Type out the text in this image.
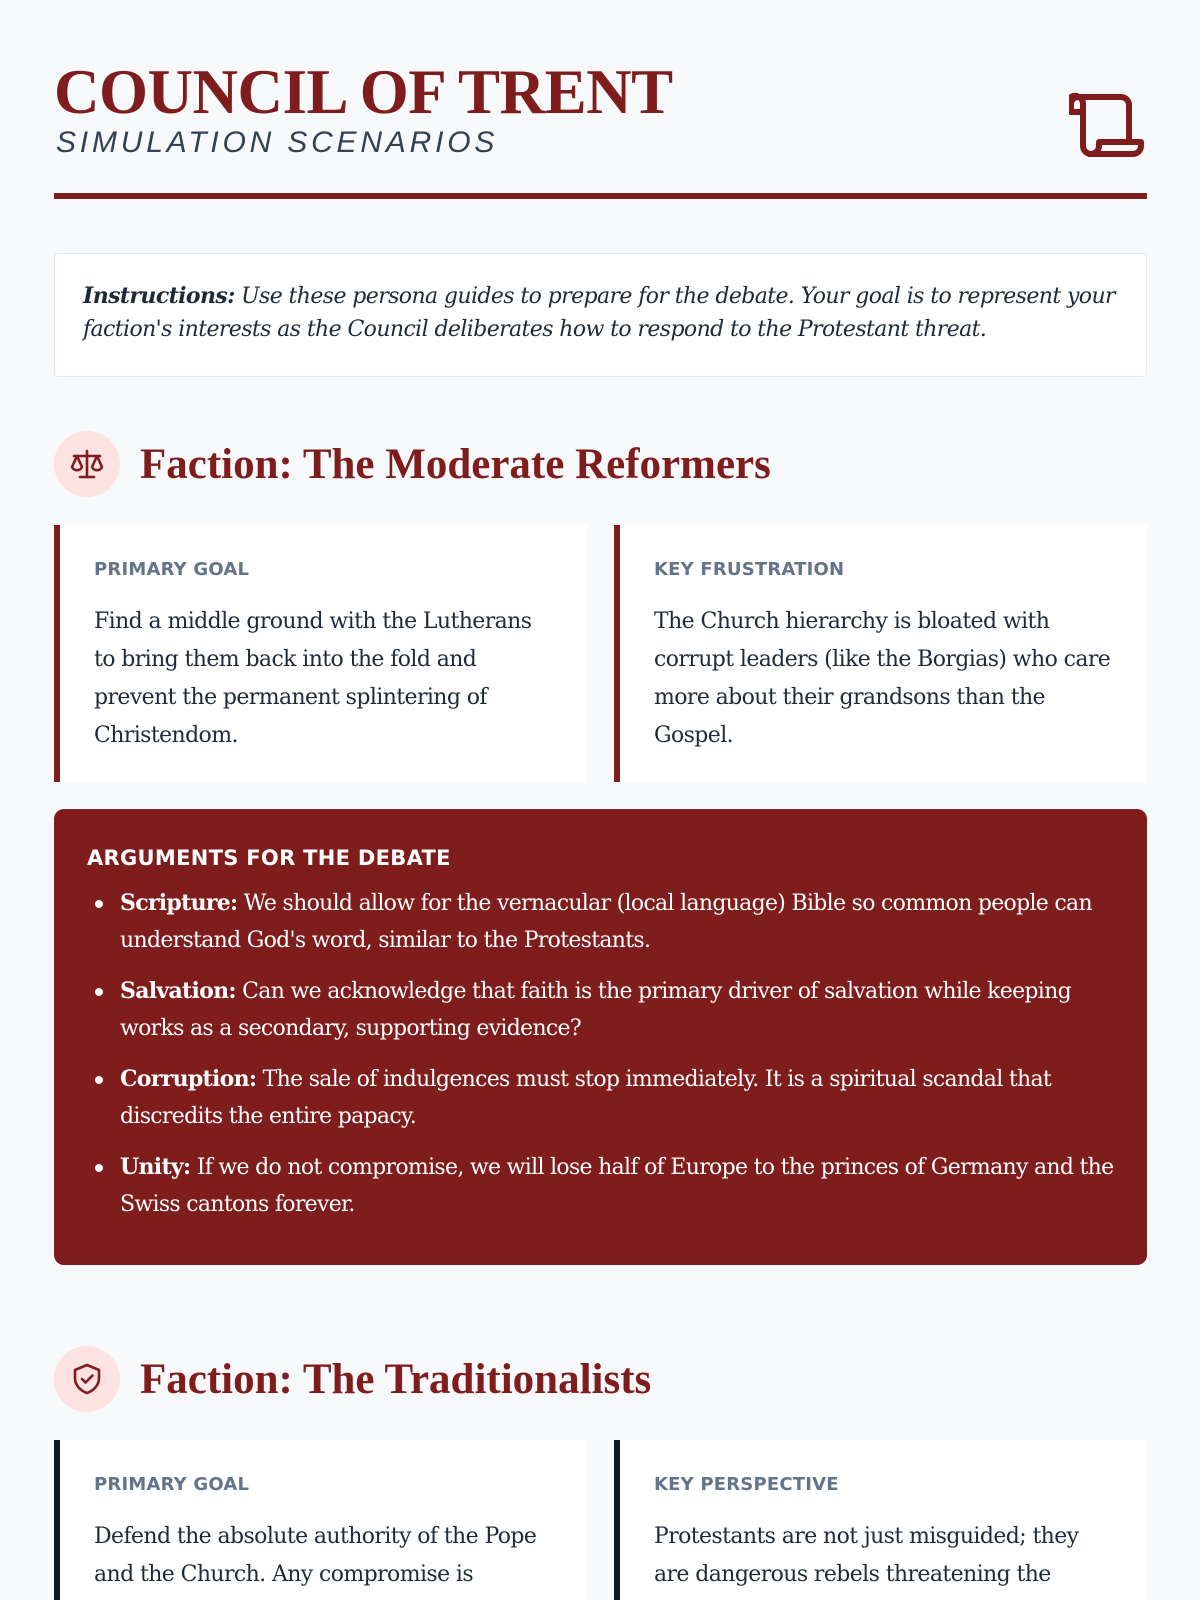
COUNCIL OF TRENT
SIMULATION SCENARIOS
Instructions: Use these persona guides to prepare for the debate. Your goal is to represent your faction's interests as the Council deliberates how to respond to the Protestant threat.
Faction: The Moderate Reformers
PRIMARY GOAL

Find a middle ground with the Lutherans to bring them back into the fold and prevent the permanent splintering of Christendom.

KEY FRUSTRATION

The Church hierarchy is bloated with corrupt leaders (like the Borgias) who care more about their grandsons than the Gospel.

ARGUMENTS FOR THE DEBATE
Scripture: We should allow for the vernacular (local language) Bible so common people can understand God's word, similar to the Protestants.
Salvation: Can we acknowledge that faith is the primary driver of salvation while keeping works as a secondary, supporting evidence?
Corruption: The sale of indulgences must stop immediately. It is a spiritual scandal that discredits the entire papacy.
Unity: If we do not compromise, we will lose half of Europe to the princes of Germany and the Swiss cantons forever.
Faction: The Traditionalists
PRIMARY GOAL

Defend the absolute authority of the Pope and the Church. Any compromise is

KEY PERSPECTIVE

Protestants are not just misguided; they are dangerous rebels threatening the
